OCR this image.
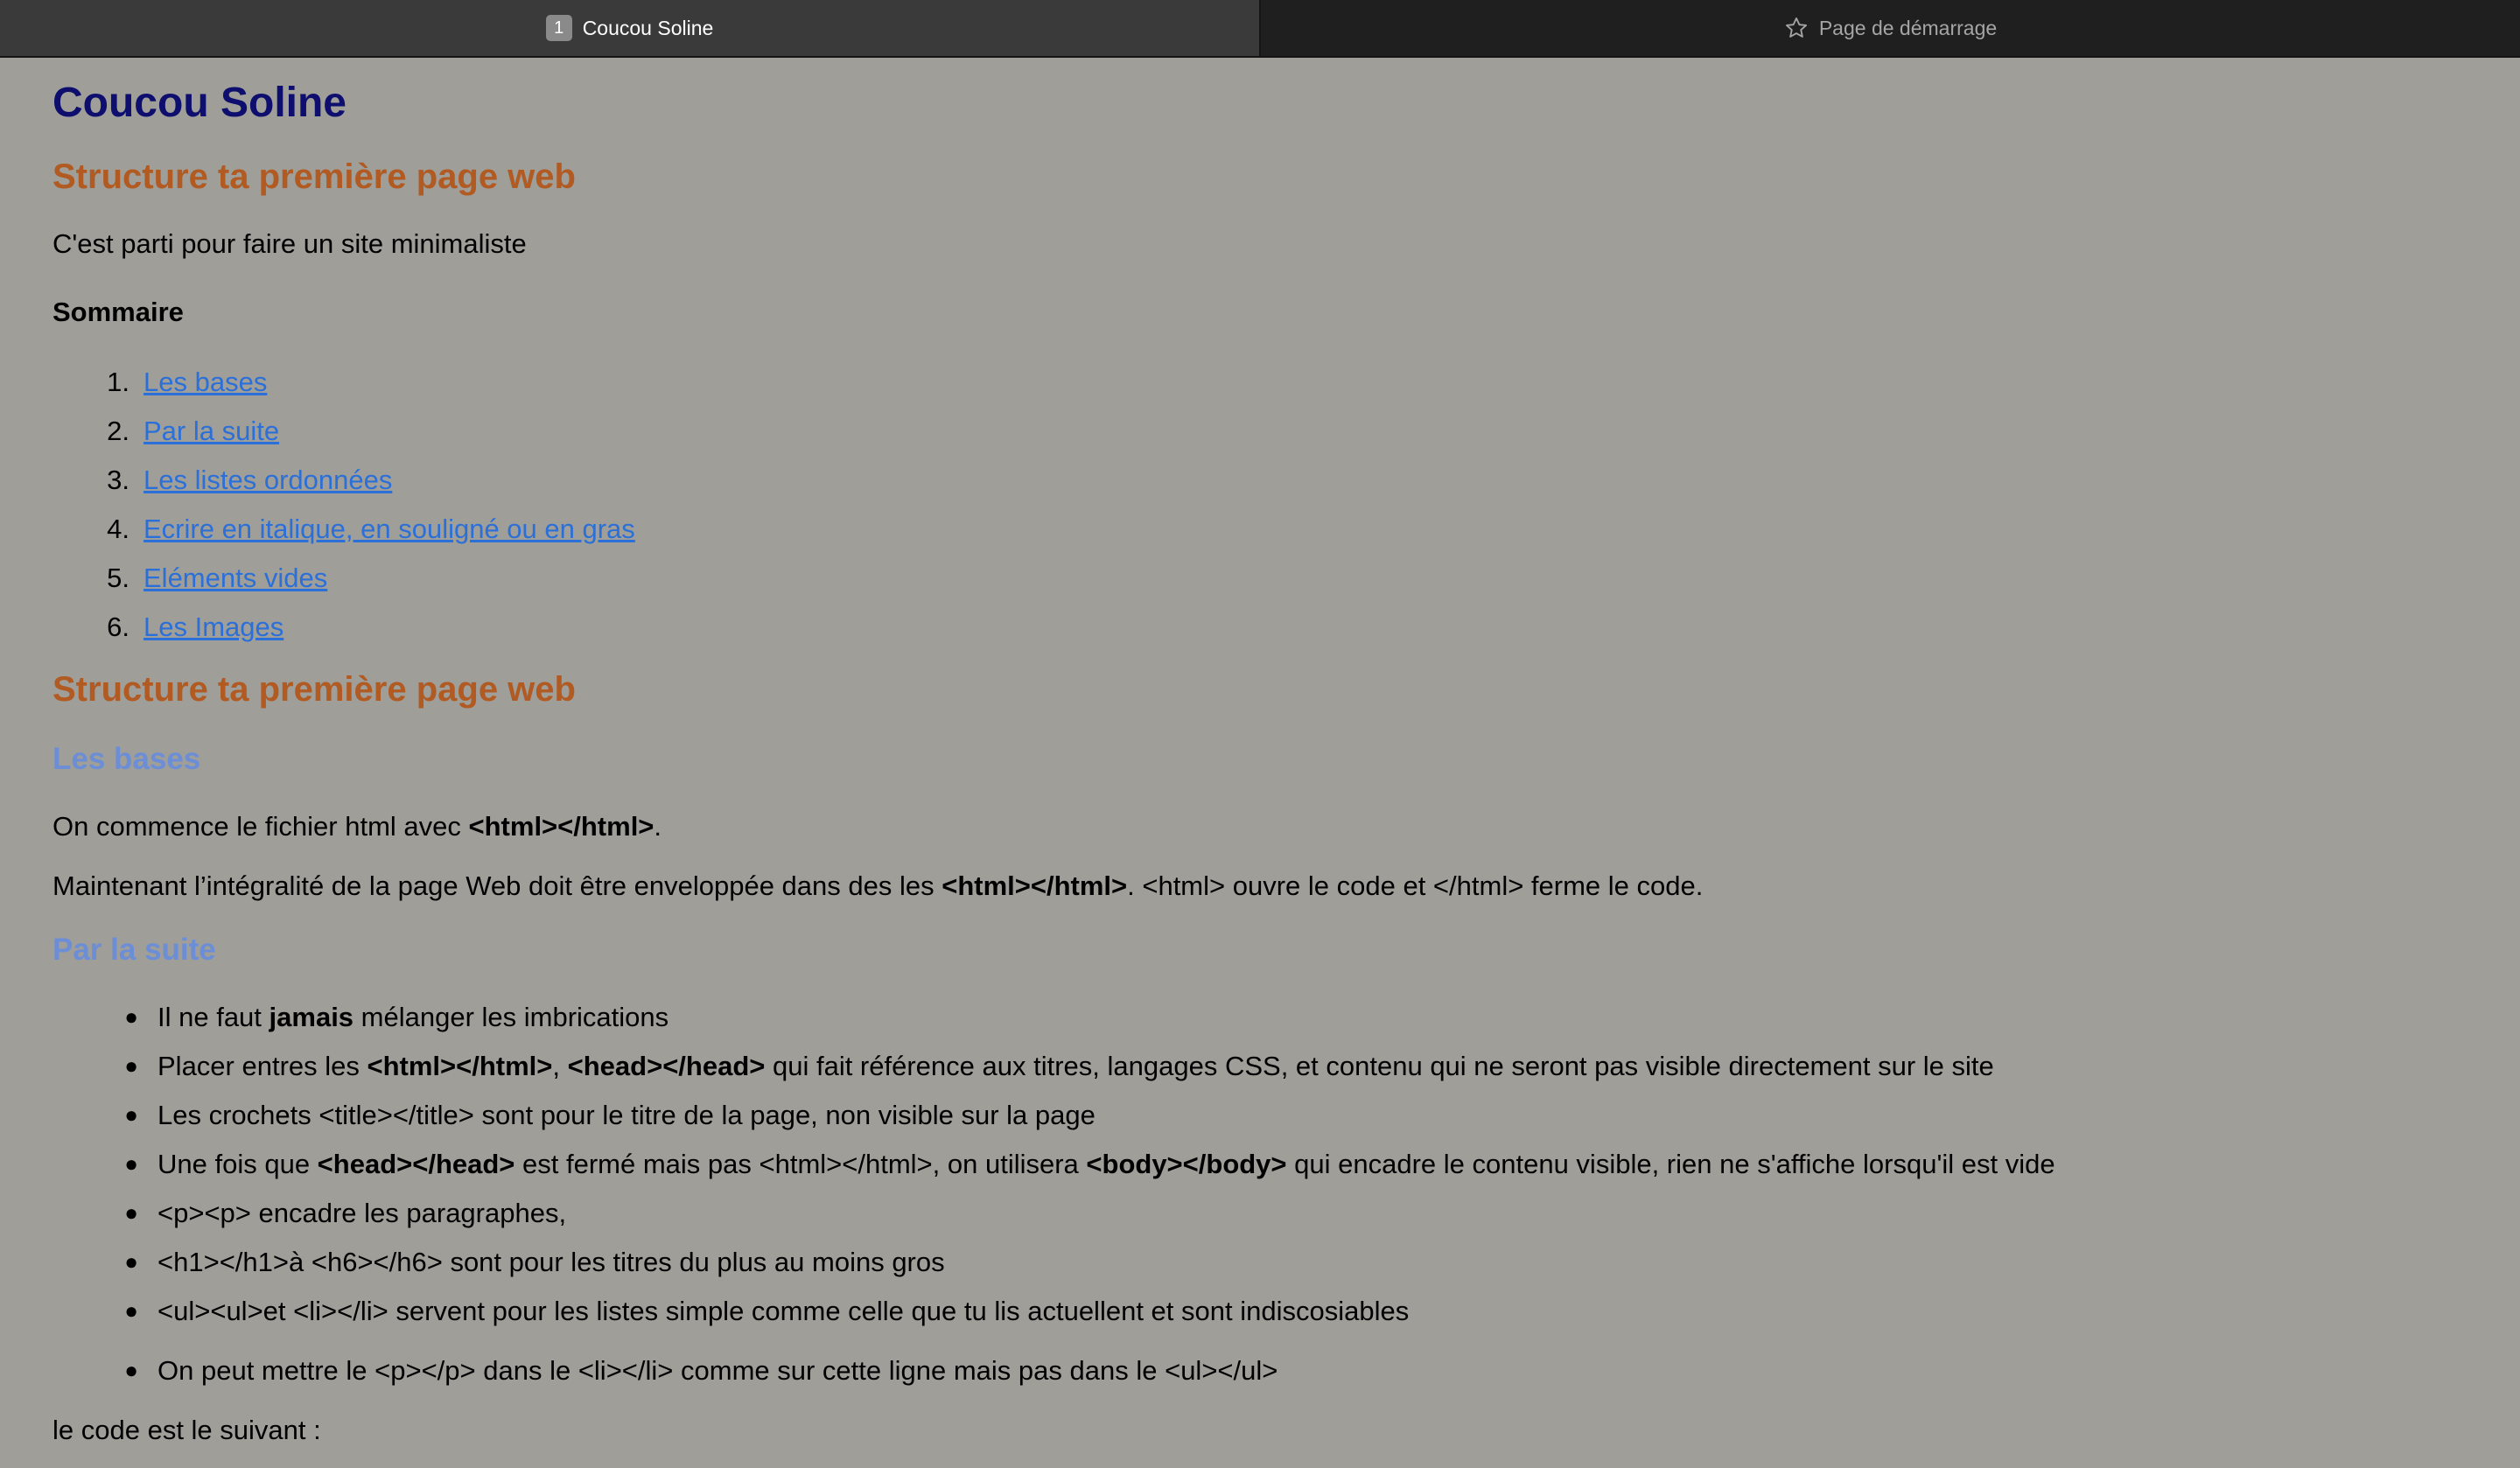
1 Coucou Soline	Page de démarrage
Coucou Soline
Structure ta première page web
C'est parti pour faire un site minimaliste
Sommaire
1. Les bases
2. Par la suite
3. Les listes ordonnées
4. Ecrire en italique, en souligné ou en gras
5. Eléments vides
6. Les Images
Structure ta première page web
Les bases
On commence le fichier html avec <html></html>.
Maintenant l’intégralité de la page Web doit être enveloppée dans des les <html></html>. <html> ouvre le code et </html> ferme le code.
Par la suite
● Il ne faut jamais mélanger les imbrications
● Placer entres les <html></html>, <head></head> qui fait référence aux titres, langages CSS, et contenu qui ne seront pas visible directement sur le site
● Les crochets <title></title> sont pour le titre de la page, non visible sur la page
● Une fois que <head></head> est fermé mais pas <html></html>, on utilisera <body></body> qui encadre le contenu visible, rien ne s'affiche lorsqu'il est vide
● <p><p> encadre les paragraphes,
● <h1></h1>à <h6></h6> sont pour les titres du plus au moins gros
● <ul><ul>et <li></li> servent pour les listes simple comme celle que tu lis actuellent et sont indiscosiables
● On peut mettre le <p></p> dans le <li></li> comme sur cette ligne mais pas dans le <ul></ul>
le code est le suivant :
